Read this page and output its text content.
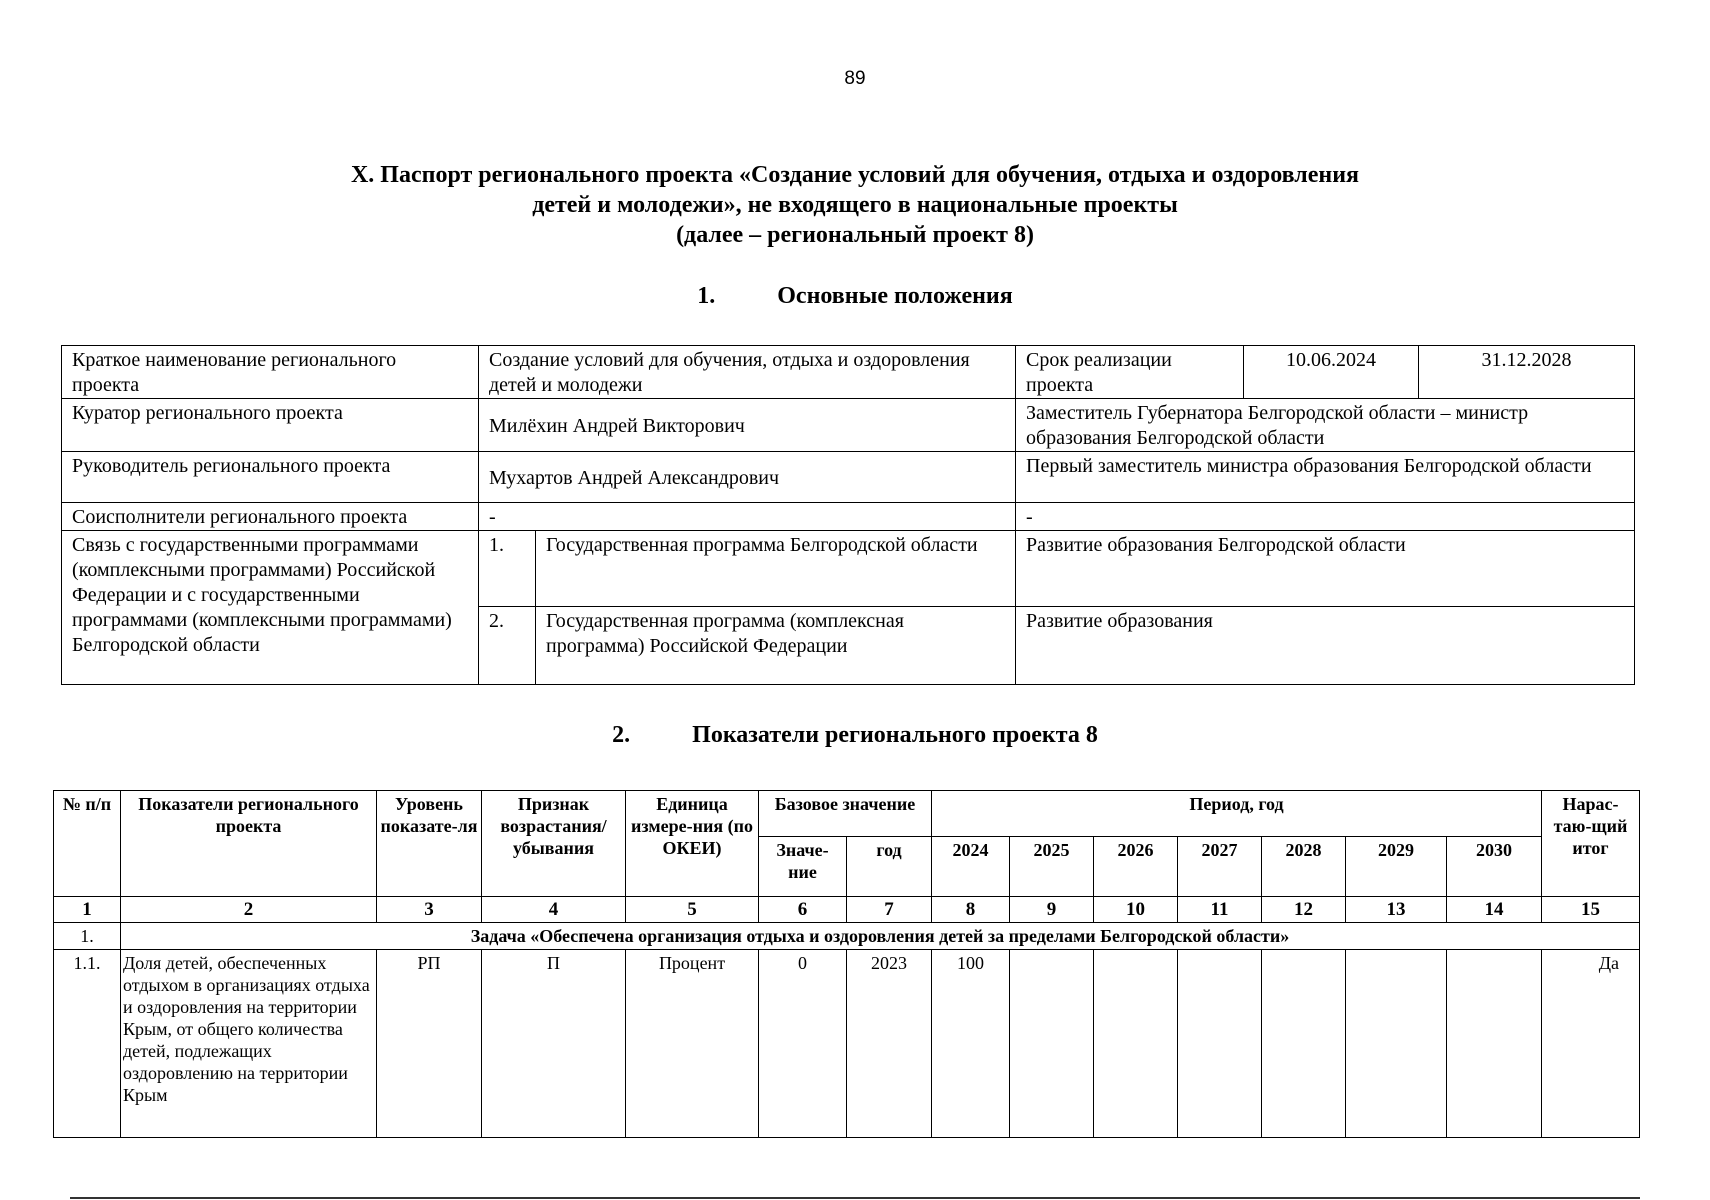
89
X. Паспорт регионального проекта «Создание условий для обучения, отдыха и оздоровления
детей и молодежи», не входящего в национальные проекты
(далее – региональный проект 8)
1.	Основные положения
Краткое наименование регионального проекта	Создание условий для обучения, отдыха и оздоровления детей и молодежи		Срок реализации проекта	10.06.2024	31.12.2028
Куратор регионального проекта	Милёхин Андрей Викторович		Заместитель Губернатора Белгородской области – министр образования Белгородской области		
Руководитель регионального проекта	Мухартов Андрей Александрович		Первый заместитель министра образования Белгородской области		
Соисполнители регионального проекта	-		-		
Связь с государственными программами (комплексными программами) Российской Федерации и с государственными программами (комплексными программами) Белгородской области	1.	Государственная программа Белгородской области	Развитие образования Белгородской области		
	2.	Государственная программа (комплексная программа) Российской Федерации	Развитие образования		
2.	Показатели регионального проекта 8
№ п/п	Показатели регионального проекта	Уровень показате-ля	Признак возрастания/ убывания	Единица измере-ния (по ОКЕИ)	Базовое значение		Период, год							Нарас-таю-щий итог
					Значе-ние	год	2024	2025	2026	2027	2028	2029	2030	
1	2	3	4	5	6	7	8	9	10	11	12	13	14	15
1.	Задача «Обеспечена организация отдыха и оздоровления детей за пределами Белгородской области»													
1.1.	Доля детей, обеспеченных отдыхом в организациях отдыха и оздоровления на территории Крым, от общего количества детей, подлежащих оздоровлению на территории Крым	РП	П	Процент	0	2023	100							Да
